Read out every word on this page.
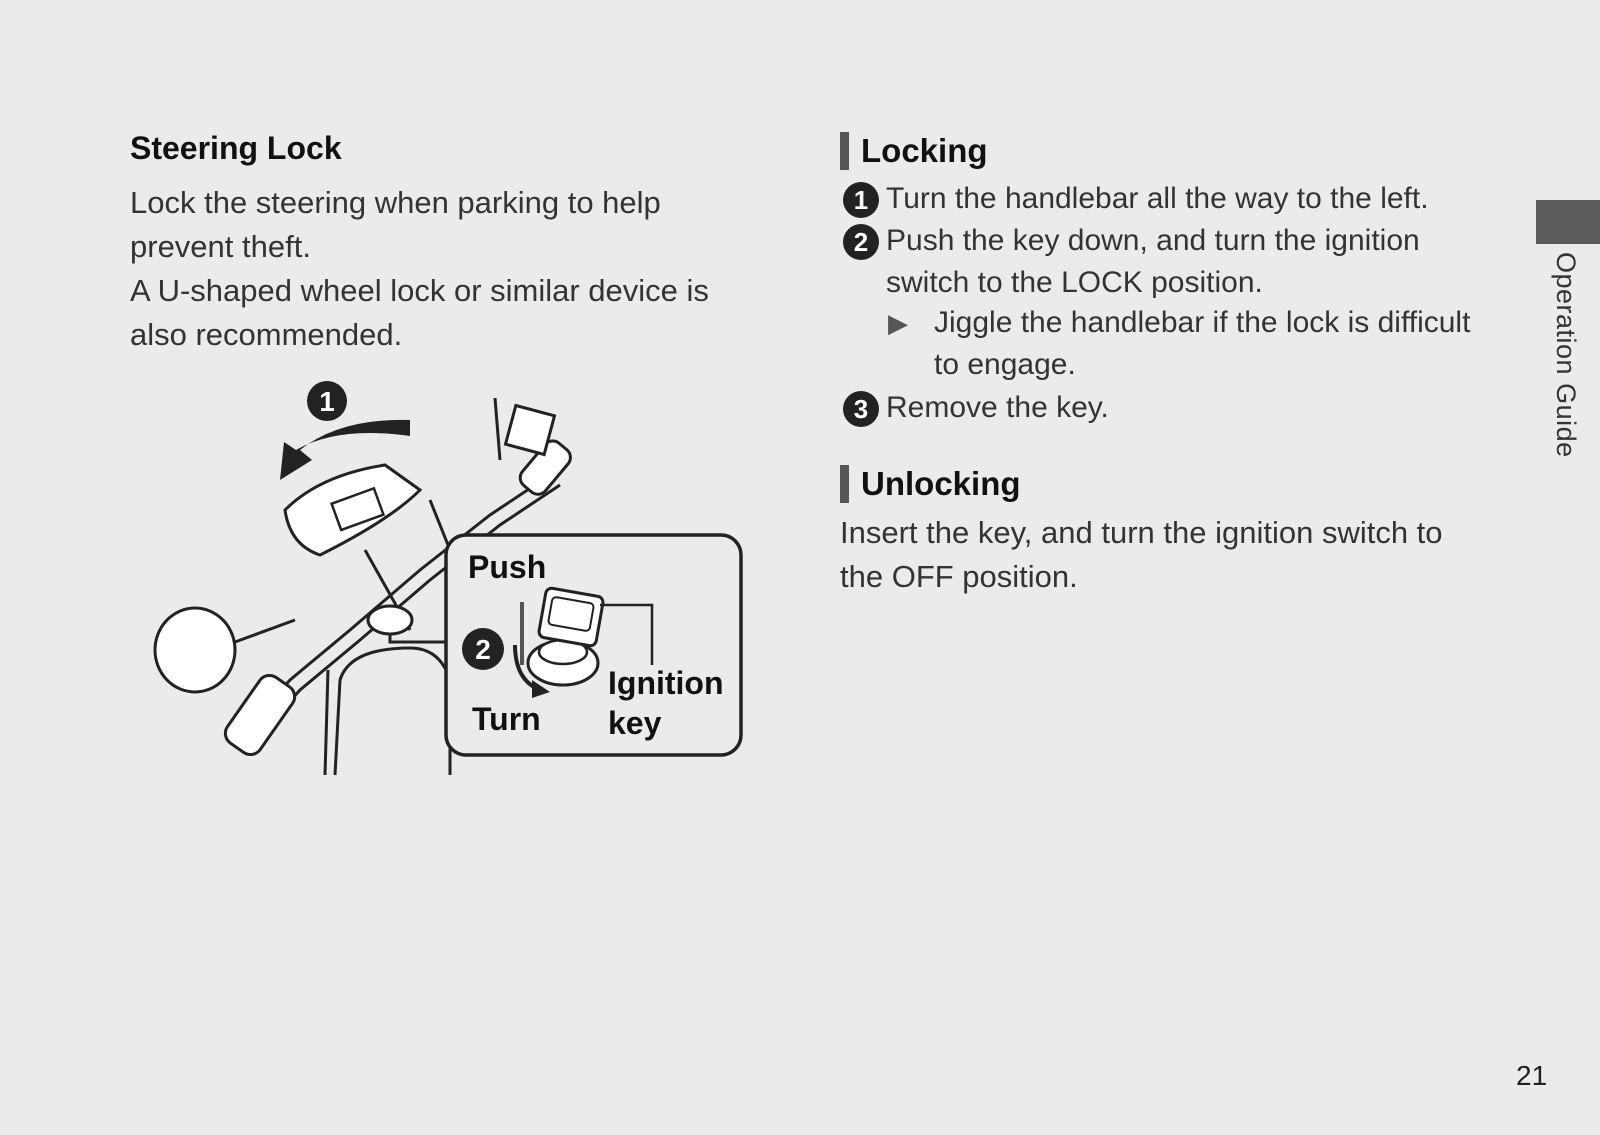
Steering Lock
Lock the steering when parking to help
prevent theft.
A U-shaped wheel lock or similar device is
also recommended.
1
2
Push
Turn
Ignition
key
Locking
1 Turn the handlebar all the way to the left.
2 Push the key down, and turn the ignition
switch to the LOCK position.
▶ Jiggle the handlebar if the lock is difficult
to engage.
3 Remove the key.
Unlocking
Insert the key, and turn the ignition switch to
the OFF position.
Operation Guide
21
